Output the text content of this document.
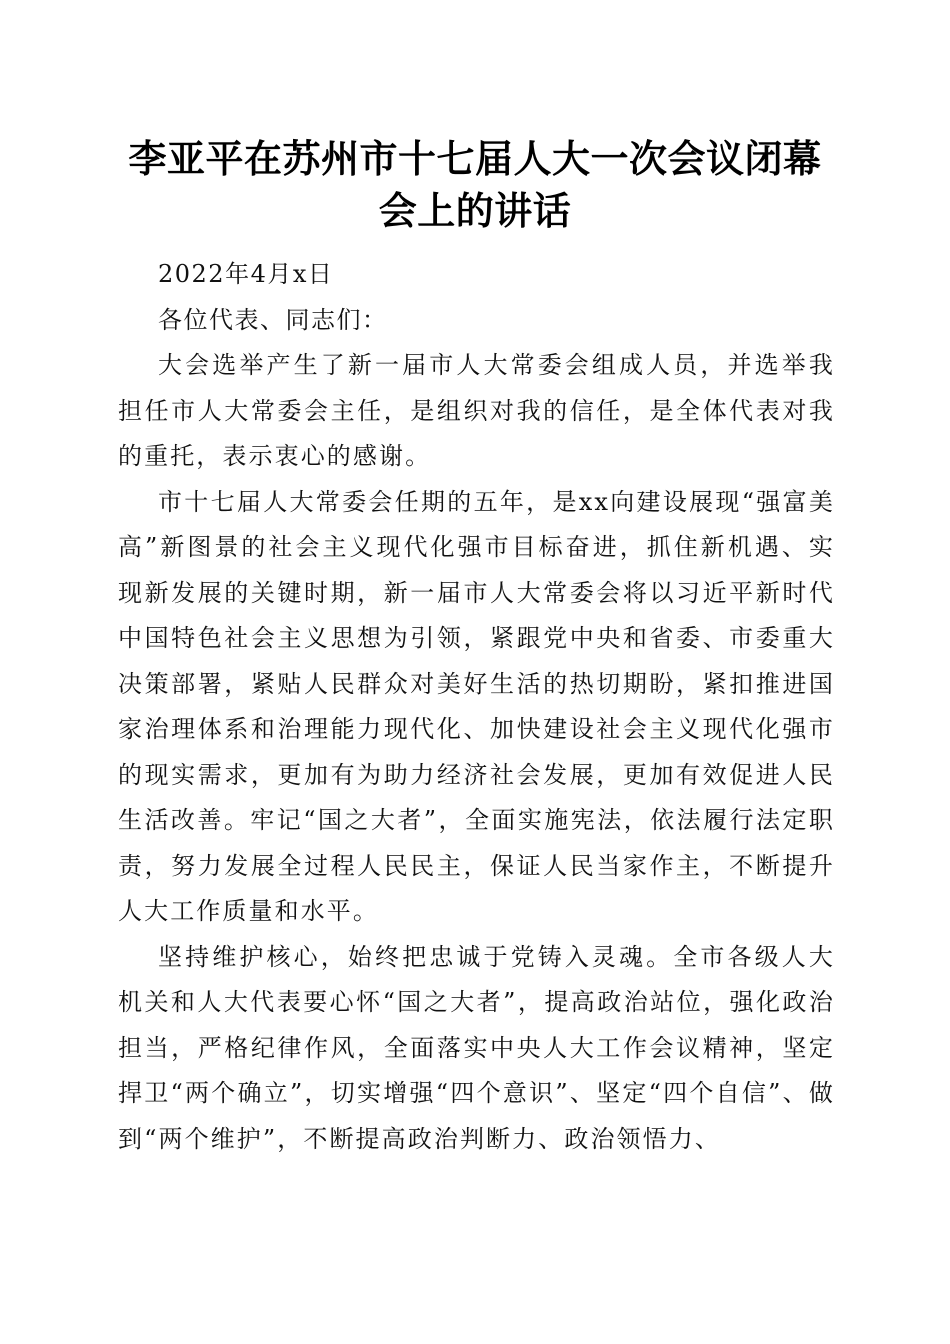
李亚平在苏州市十七届人大一次会议闭幕会上的讲话

2022年4月x日

各位代表、同志们：

大会选举产生了新一届市人大常委会组成人员，并选举我担任市人大常委会主任，是组织对我的信任，是全体代表对我的重托，表示衷心的感谢。

市十七届人大常委会任期的五年，是xx向建设展现“强富美高”新图景的社会主义现代化强市目标奋进，抓住新机遇、实现新发展的关键时期，新一届市人大常委会将以习近平新时代中国特色社会主义思想为引领，紧跟党中央和省委、市委重大决策部署，紧贴人民群众对美好生活的热切期盼，紧扣推进国家治理体系和治理能力现代化、加快建设社会主义现代化强市的现实需求，更加有为助力经济社会发展，更加有效促进人民生活改善。牢记“国之大者”，全面实施宪法，依法履行法定职责，努力发展全过程人民民主，保证人民当家作主，不断提升人大工作质量和水平。

坚持维护核心，始终把忠诚于党铸入灵魂。全市各级人大机关和人大代表要心怀“国之大者”，提高政治站位，强化政治担当，严格纪律作风，全面落实中央人大工作会议精神，坚定捍卫“两个确立”，切实增强“四个意识”、坚定“四个自信”、做到“两个维护”，不断提高政治判断力、政治领悟力、
